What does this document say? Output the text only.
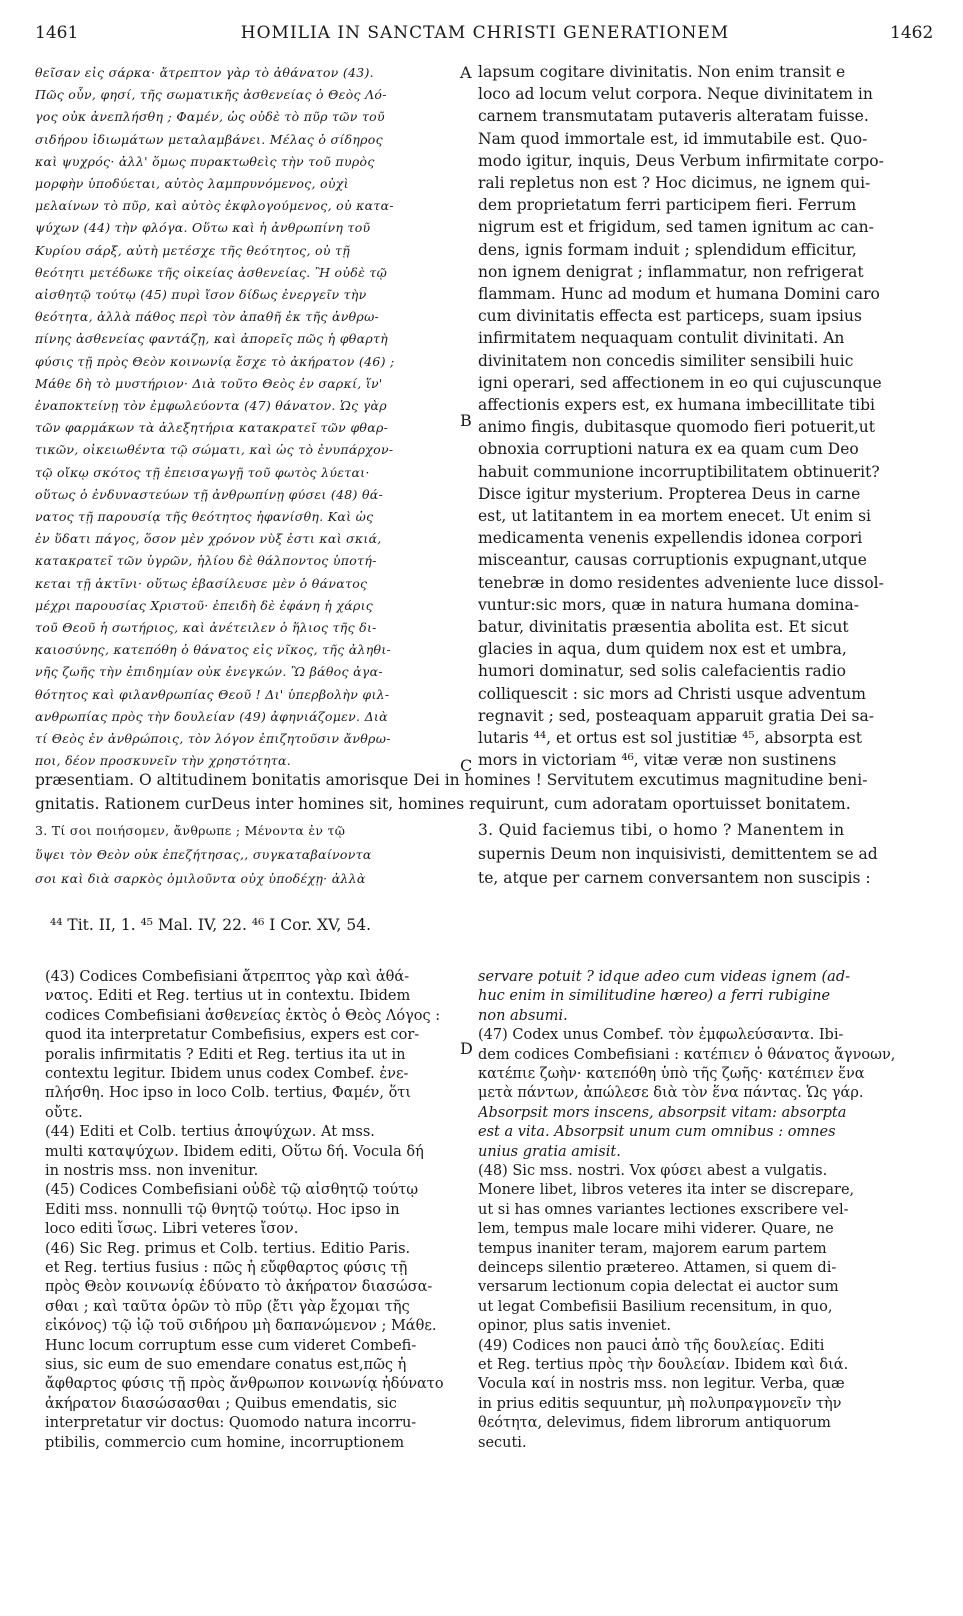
1461	HOMILIA IN SANCTAM CHRISTI GENERATIONEM	1462
A
B
C
D
θεῖσαν εἰς σάρκα· ἄτρεπτον γὰρ τὸ ἀθάνατον (43).
Πῶς οὖν, φησί, τῆς σωματικῆς ἀσθενείας ὁ Θεὸς Λό-
γος οὐκ ἀνεπλήσθη ; Φαμέν, ὡς οὐδὲ τὸ πῦρ τῶν τοῦ
σιδήρου ἰδιωμάτων μεταλαμβάνει. Μέλας ὁ σίδηρος
καὶ ψυχρός· ἀλλ' ὅμως πυρακτωθεὶς τὴν τοῦ πυρὸς
μορφὴν ὑποδύεται, αὐτὸς λαμπρυνόμενος, οὐχὶ
μελαίνων τὸ πῦρ, καὶ αὐτὸς ἐκφλογούμενος, οὐ κατα-
ψύχων (44) τὴν φλόγα. Οὕτω καὶ ἡ ἀνθρωπίνη τοῦ
Κυρίου σάρξ, αὐτὴ μετέσχε τῆς θεότητος, οὐ τῇ
θεότητι μετέδωκε τῆς οἰκείας ἀσθενείας. Ἢ οὐδὲ τῷ
αἰσθητῷ τούτῳ (45) πυρὶ ἴσον δίδως ἐνεργεῖν τὴν
θεότητα, ἀλλὰ πάθος περὶ τὸν ἀπαθῆ ἐκ τῆς ἀνθρω-
πίνης ἀσθενείας φαντάζῃ, καὶ ἀπορεῖς πῶς ἡ φθαρτὴ
φύσις τῇ πρὸς Θεὸν κοινωνίᾳ ἔσχε τὸ ἀκήρατον (46) ;
Μάθε δὴ τὸ μυστήριον· Διὰ τοῦτο Θεὸς ἐν σαρκί, ἵν'
ἐναποκτείνῃ τὸν ἐμφωλεύοντα (47) θάνατον. Ὡς γὰρ
τῶν φαρμάκων τὰ ἀλεξητήρια κατακρατεῖ τῶν φθαρ-
τικῶν, οἰκειωθέντα τῷ σώματι, καὶ ὡς τὸ ἐνυπάρχον-
τῷ οἴκῳ σκότος τῇ ἐπεισαγωγῇ τοῦ φωτὸς λύεται·
οὕτως ὁ ἐνδυναστεύων τῇ ἀνθρωπίνῃ φύσει (48) θά-
νατος τῇ παρουσίᾳ τῆς θεότητος ἠφανίσθη. Καὶ ὡς
ἐν ὕδατι πάγος, ὅσον μὲν χρόνον νὺξ ἐστι καὶ σκιά,
κατακρατεῖ τῶν ὑγρῶν, ἡλίου δὲ θάλποντος ὑποτή-
κεται τῇ ἀκτῖνι· οὕτως ἐβασίλευσε μὲν ὁ θάνατος
μέχρι παρουσίας Χριστοῦ· ἐπειδὴ δὲ ἐφάνη ἡ χάρις
τοῦ Θεοῦ ἡ σωτήριος, καὶ ἀνέτειλεν ὁ ἥλιος τῆς δι-
καιοσύνης, κατεπόθη ὁ θάνατος εἰς νῖκος, τῆς ἀληθι-
νῆς ζωῆς τὴν ἐπιδημίαν οὐκ ἐνεγκών. Ὢ βάθος ἀγα-
θότητος καὶ φιλανθρωπίας Θεοῦ ! Δι' ὑπερβολὴν φιλ-
ανθρωπίας πρὸς τὴν δουλείαν (49) ἀφηνιάζομεν. Διὰ
τί Θεὸς ἐν ἀνθρώποις, τὸν λόγον ἐπιζητοῦσιν ἄνθρω-
ποι, δέον προσκυνεῖν τὴν χρηστότητα.
lapsum cogitare divinitatis. Non enim transit e
loco ad locum velut corpora. Neque divinitatem in
carnem transmutatam putaveris alteratam fuisse.
Nam quod immortale est, id immutabile est. Quo-
modo igitur, inquis, Deus Verbum infirmitate corpo-
rali repletus non est ? Hoc dicimus, ne ignem qui-
dem proprietatum ferri participem fieri. Ferrum
nigrum est et frigidum, sed tamen ignitum ac can-
dens, ignis formam induit ; splendidum efficitur,
non ignem denigrat ; inflammatur, non refrigerat
flammam. Hunc ad modum et humana Domini caro
cum divinitatis effecta est particeps, suam ipsius
infirmitatem nequaquam contulit divinitati. An
divinitatem non concedis similiter sensibili huic
igni operari, sed affectionem in eo qui cujuscunque
affectionis expers est, ex humana imbecillitate tibi
animo fingis, dubitasque quomodo fieri potuerit,ut
obnoxia corruptioni natura ex ea quam cum Deo
habuit communione incorruptibilitatem obtinuerit?
Disce igitur mysterium. Propterea Deus in carne
est, ut latitantem in ea mortem enecet. Ut enim si
medicamenta venenis expellendis idonea corpori
misceantur, causas corruptionis expugnant,utque
tenebræ in domo residentes adveniente luce dissol-
vuntur:sic mors, quæ in natura humana domina-
batur, divinitatis præsentia abolita est. Et sicut
glacies in aqua, dum quidem nox est et umbra,
humori dominatur, sed solis calefacientis radio
colliquescit : sic mors ad Christi usque adventum
regnavit ; sed, posteaquam apparuit gratia Dei sa-
lutaris ⁴⁴, et ortus est sol justitiæ ⁴⁵, absorpta est
mors in victoriam ⁴⁶, vitæ veræ non sustinens
præsentiam. O altitudinem bonitatis amorisque Dei in homines ! Servitutem excutimus magnitudine beni-
gnitatis. Rationem curDeus inter homines sit, homines requirunt, cum adoratam oportuisset bonitatem.
3. Τί σοι ποιήσομεν, ἄνθρωπε ; Μένοντα ἐν τῷ
ὕψει τὸν Θεὸν οὐκ ἐπεζήτησας,, συγκαταβαίνοντα
σοι καὶ διὰ σαρκὸς ὁμιλοῦντα οὐχ ὑποδέχῃ· ἀλλὰ
3. Quid faciemus tibi, o homo ? Manentem in
supernis Deum non inquisivisti, demittentem se ad
te, atque per carnem conversantem non suscipis :
⁴⁴ Tit. II, 1. ⁴⁵ Mal. IV, 22. ⁴⁶ I Cor. XV, 54.
(43) Codices Combefisiani ἄτρεπτος γὰρ καὶ ἀθά-
νατος. Editi et Reg. tertius ut in contextu. Ibidem
codices Combefisiani ἀσθενείας ἐκτὸς ὁ Θεὸς Λόγος :
quod ita interpretatur Combefisius, expers est cor-
poralis infirmitatis ? Editi et Reg. tertius ita ut in
contextu legitur. Ibidem unus codex Combef. ἐνε-
πλήσθη. Hoc ipso in loco Colb. tertius, Φαμέν, ὅτι
οὔτε.
(44) Editi et Colb. tertius ἀποψύχων. At mss.
multi καταψύχων. Ibidem editi, Οὕτω δή. Vocula δή
in nostris mss. non invenitur.
(45) Codices Combefisiani οὐδὲ τῷ αἰσθητῷ τούτῳ
Editi mss. nonnulli τῷ θνητῷ τούτῳ. Hoc ipso in
loco editi ἴσως. Libri veteres ἴσον.
(46) Sic Reg. primus et Colb. tertius. Editio Paris.
et Reg. tertius fusius : πῶς ἡ εὔφθαρτος φύσις τῇ
πρὸς Θεὸν κοινωνίᾳ ἐδύνατο τὸ ἀκήρατον διασώσα-
σθαι ; καὶ ταῦτα ὁρῶν τὸ πῦρ (ἔτι γὰρ ἔχομαι τῆς
εἰκόνος) τῷ ἰῷ τοῦ σιδήρου μὴ δαπανώμενον ; Μάθε.
Hunc locum corruptum esse cum videret Combefi-
sius, sic eum de suo emendare conatus est,πῶς ἡ
ἄφθαρτος φύσις τῇ πρὸς ἄνθρωπον κοινωνίᾳ ἠδύνατο
ἀκήρατον διασώσασθαι ; Quibus emendatis, sic
interpretatur vir doctus: Quomodo natura incorru-
ptibilis, commercio cum homine, incorruptionem
servare potuit ? idque adeo cum videas ignem (ad-
huc enim in similitudine hæreo) a ferri rubigine
non absumi.
(47) Codex unus Combef. τὸν ἐμφωλεύσαντα. Ibi-
dem codices Combefisiani : κατέπιεν ὁ θάνατος ἄγνοων,
κατέπιε ζωὴν· κατεπόθη ὑπὸ τῆς ζωῆς· κατέπιεν ἕνα
μετὰ πάντων, ἀπώλεσε διὰ τὸν ἕνα πάντας. Ὡς γάρ.
Absorpsit mors inscens, absorpsit vitam: absorpta
est a vita. Absorpsit unum cum omnibus : omnes
unius gratia amisit.
(48) Sic mss. nostri. Vox φύσει abest a vulgatis.
Monere libet, libros veteres ita inter se discrepare,
ut si has omnes variantes lectiones exscribere vel-
lem, tempus male locare mihi viderer. Quare, ne
tempus inaniter teram, majorem earum partem
deinceps silentio prætereo. Attamen, si quem di-
versarum lectionum copia delectat ei auctor sum
ut legat Combefisii Basilium recensitum, in quo,
opinor, plus satis inveniet.
(49) Codices non pauci ἀπὸ τῆς δουλείας. Editi
et Reg. tertius πρὸς τὴν δουλείαν. Ibidem καὶ διά.
Vocula καί in nostris mss. non legitur. Verba, quæ
in prius editis sequuntur, μὴ πολυπραγμονεῖν τὴν
θεότητα, delevimus, fidem librorum antiquorum
secuti.
